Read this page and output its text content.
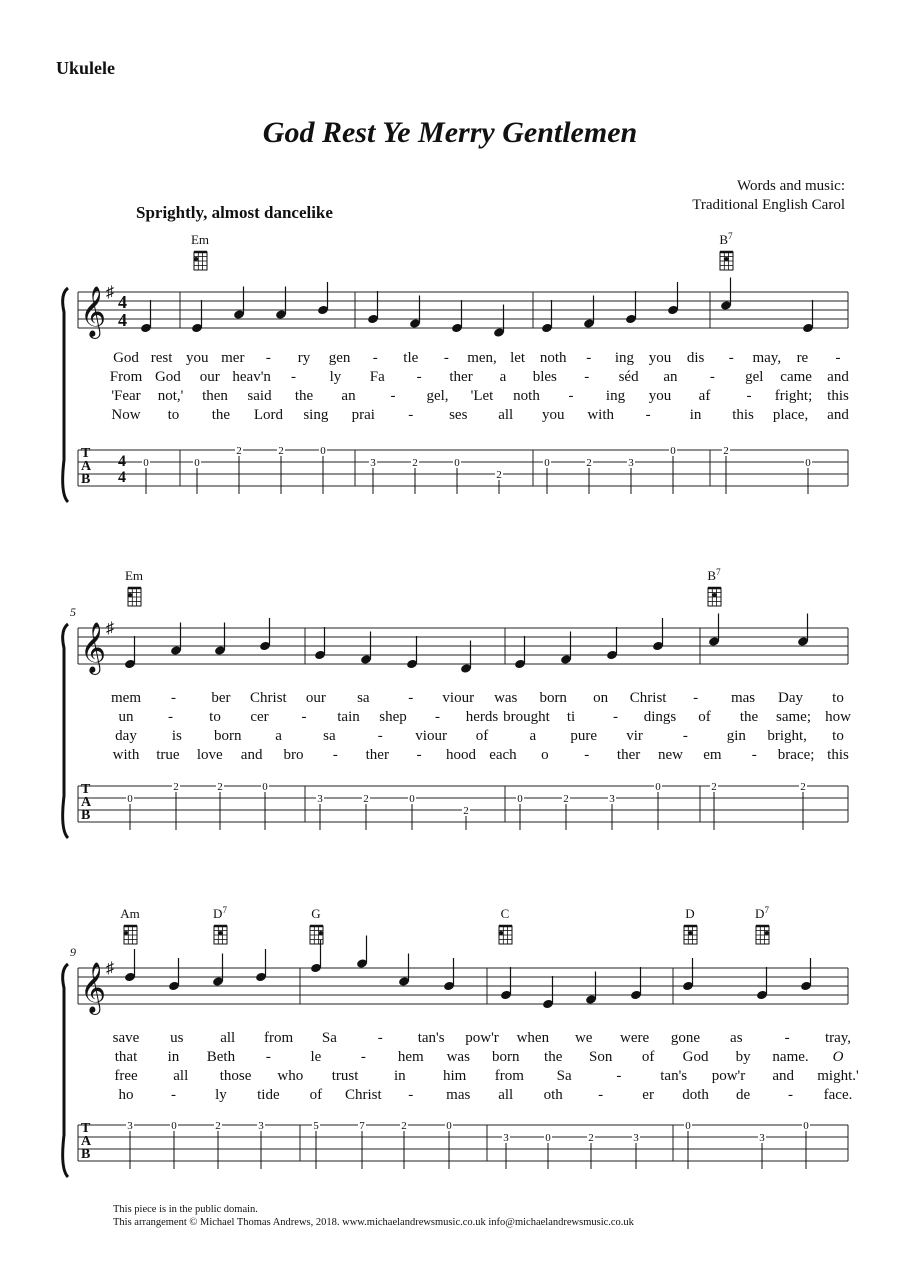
Ukulele
God Rest Ye Merry Gentlemen
Words and music:
Traditional English Carol
Sprightly, almost dancelike
𝄞 ♯
T
A
B
4
4
4
4
Em	$B^7$
0	0
2	2	0
3	2	0
2
0	2	3
0	2
0
God rest you mer - ry gen - tle - men, let noth - ing you dis - may, re -
From God our heav'n - ly Fa - ther a bles - séd an - gel came and
'Fear not,' then said the an - gel, 'Let noth - ing you af - fright; this
Now to the Lord sing prai - ses all you with -	in this place, and
5
𝄞 ♯
T
A
B
Em	$B^7$
0
2	2	0
3	2	0
2
0	2	3
0	2	2
mem - ber Christ our sa	- viour was born on Christ - mas Day to
un - to cer - tain shep - herds brought ti	- dings of the same; how
day is born a	sa	- viour of	a pure vir	-	gin bright, to
with true love and bro - ther - hood each o - ther new em - brace; this
9
𝄞 ♯
T
A
B
Am	$D^7$	G	C	D	$D^7$
3	0	2	3	5	7	2	0
3	0	2	3
0
3
0
save us all from Sa	- tan's pow'r when we were gone as	- tray,
that in Beth -	le	- hem was born the Son of God by name. O
free all those who trust in him from Sa	-	tan's pow'r and might.'
ho -	ly tide of Christ - mas all oth -	er doth de	- face.
This piece is in the public domain.
This arrangement © Michael Thomas Andrews, 2018. www.michaelandrewsmusic.co.uk info@michaelandrewsmusic.co.uk
